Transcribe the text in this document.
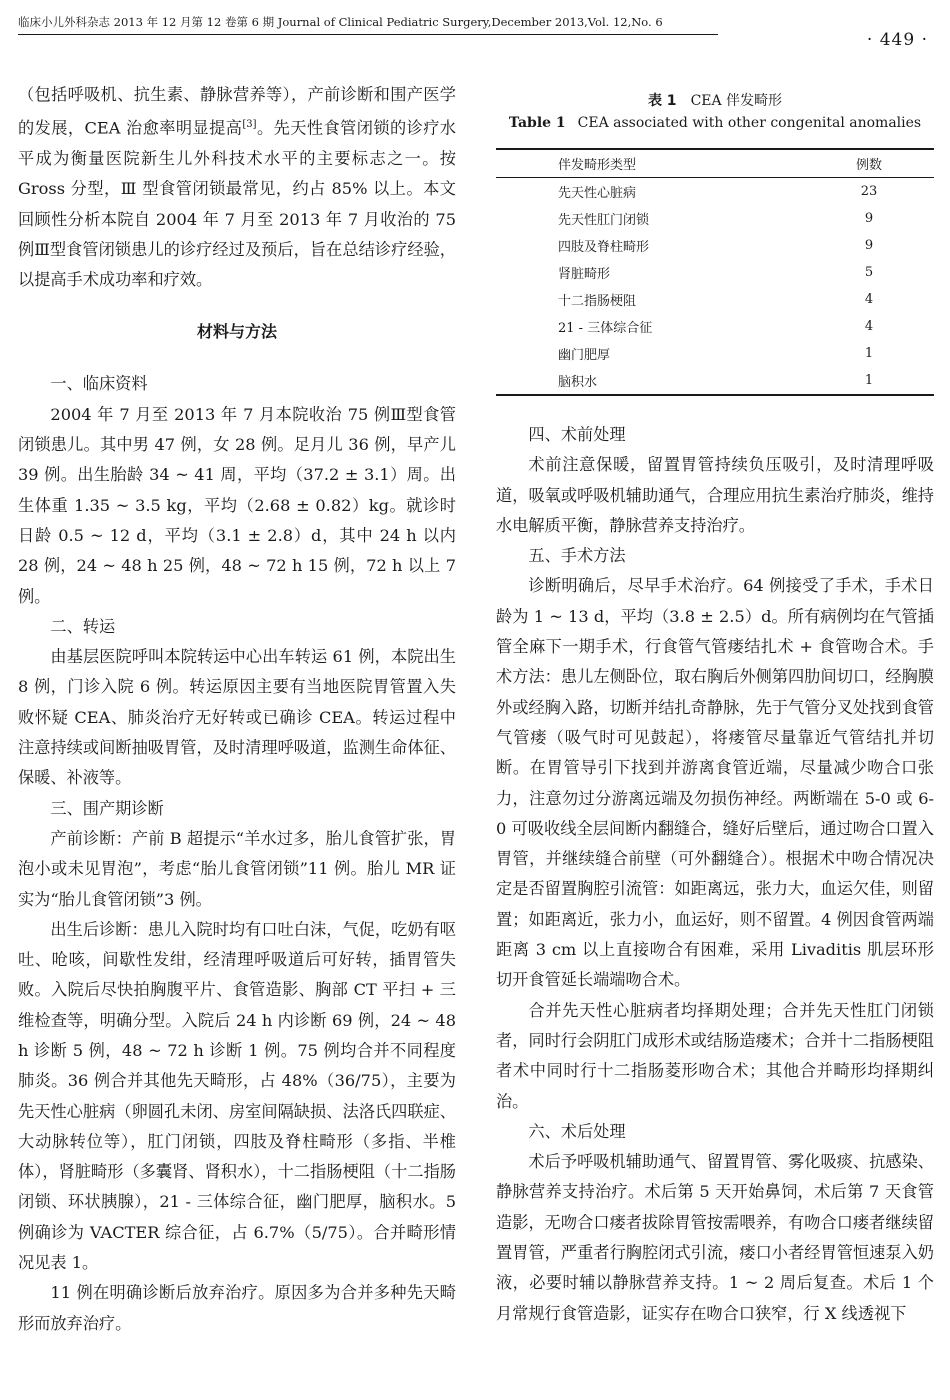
临床小儿外科杂志 2013 年 12 月第 12 卷第 6 期 Journal of Clinical Pediatric Surgery,December 2013,Vol. 12,No. 6
· 449 ·

（包括呼吸机、抗生素、静脉营养等），产前诊断和围产医学的发展，CEA 治愈率明显提高[3]。先天性食管闭锁的诊疗水平成为衡量医院新生儿外科技术水平的主要标志之一。按 Gross 分型，Ⅲ 型食管闭锁最常见，约占 85% 以上。本文回顾性分析本院自 2004 年 7 月至 2013 年 7 月收治的 75 例Ⅲ型食管闭锁患儿的诊疗经过及预后，旨在总结诊疗经验，以提高手术成功率和疗效。

材料与方法
一、临床资料

2004 年 7 月至 2013 年 7 月本院收治 75 例Ⅲ型食管闭锁患儿。其中男 47 例，女 28 例。足月儿 36 例，早产儿 39 例。出生胎龄 34 ~ 41 周，平均（37.2 ± 3.1）周。出生体重 1.35 ~ 3.5 kg，平均（2.68 ± 0.82）kg。就诊时日龄 0.5 ~ 12 d，平均（3.1 ± 2.8）d，其中 24 h 以内 28 例，24 ~ 48 h 25 例，48 ~ 72 h 15 例，72 h 以上 7 例。

二、转运

由基层医院呼叫本院转运中心出车转运 61 例，本院出生 8 例，门诊入院 6 例。转运原因主要有当地医院胃管置入失败怀疑 CEA、肺炎治疗无好转或已确诊 CEA。转运过程中注意持续或间断抽吸胃管，及时清理呼吸道，监测生命体征、保暖、补液等。

三、围产期诊断

产前诊断：产前 B 超提示“羊水过多，胎儿食管扩张，胃泡小或未见胃泡”，考虑“胎儿食管闭锁”11 例。胎儿 MR 证实为“胎儿食管闭锁”3 例。

出生后诊断：患儿入院时均有口吐白沫，气促，吃奶有呕吐、呛咳，间歇性发绀，经清理呼吸道后可好转，插胃管失败。入院后尽快拍胸腹平片、食管造影、胸部 CT 平扫 + 三维检查等，明确分型。入院后 24 h 内诊断 69 例，24 ~ 48 h 诊断 5 例，48 ~ 72 h 诊断 1 例。75 例均合并不同程度肺炎。36 例合并其他先天畸形，占 48%（36/75），主要为先天性心脏病（卵圆孔未闭、房室间隔缺损、法洛氏四联症、大动脉转位等），肛门闭锁，四肢及脊柱畸形（多指、半椎体），肾脏畸形（多囊肾、肾积水），十二指肠梗阻（十二指肠闭锁、环状胰腺），21 - 三体综合征，幽门肥厚，脑积水。5 例确诊为 VACTER 综合征，占 6.7%（5/75）。合并畸形情况见表 1。

11 例在明确诊断后放弃治疗。原因多为合并多种先天畸形而放弃治疗。

表 1 CEA 伴发畸形
Table 1 CEA associated with other congenital anomalies
伴发畸形类型	例数
先天性心脏病	23
先天性肛门闭锁	9
四肢及脊柱畸形	9
肾脏畸形	5
十二指肠梗阻	4
21 - 三体综合征	4
幽门肥厚	1
脑积水	1
四、术前处理

术前注意保暖，留置胃管持续负压吸引，及时清理呼吸道，吸氧或呼吸机辅助通气，合理应用抗生素治疗肺炎，维持水电解质平衡，静脉营养支持治疗。

五、手术方法

诊断明确后，尽早手术治疗。64 例接受了手术，手术日龄为 1 ~ 13 d，平均（3.8 ± 2.5）d。所有病例均在气管插管全麻下一期手术，行食管气管瘘结扎术 + 食管吻合术。手术方法：患儿左侧卧位，取右胸后外侧第四肋间切口，经胸膜外或经胸入路，切断并结扎奇静脉，先于气管分叉处找到食管气管瘘（吸气时可见鼓起），将瘘管尽量靠近气管结扎并切断。在胃管导引下找到并游离食管近端，尽量减少吻合口张力，注意勿过分游离远端及勿损伤神经。两断端在 5-0 或 6-0 可吸收线全层间断内翻缝合，缝好后壁后，通过吻合口置入胃管，并继续缝合前壁（可外翻缝合）。根据术中吻合情况决定是否留置胸腔引流管：如距离远，张力大，血运欠佳，则留置；如距离近，张力小，血运好，则不留置。4 例因食管两端距离 3 cm 以上直接吻合有困难，采用 Livaditis 肌层环形切开食管延长端端吻合术。

合并先天性心脏病者均择期处理；合并先天性肛门闭锁者，同时行会阴肛门成形术或结肠造瘘术；合并十二指肠梗阻者术中同时行十二指肠菱形吻合术；其他合并畸形均择期纠治。

六、术后处理

术后予呼吸机辅助通气、留置胃管、雾化吸痰、抗感染、静脉营养支持治疗。术后第 5 天开始鼻饲，术后第 7 天食管造影，无吻合口瘘者拔除胃管按需喂养，有吻合口瘘者继续留置胃管，严重者行胸腔闭式引流，瘘口小者经胃管恒速泵入奶液，必要时辅以静脉营养支持。1 ~ 2 周后复查。术后 1 个月常规行食管造影，证实存在吻合口狭窄，行 X 线透视下
